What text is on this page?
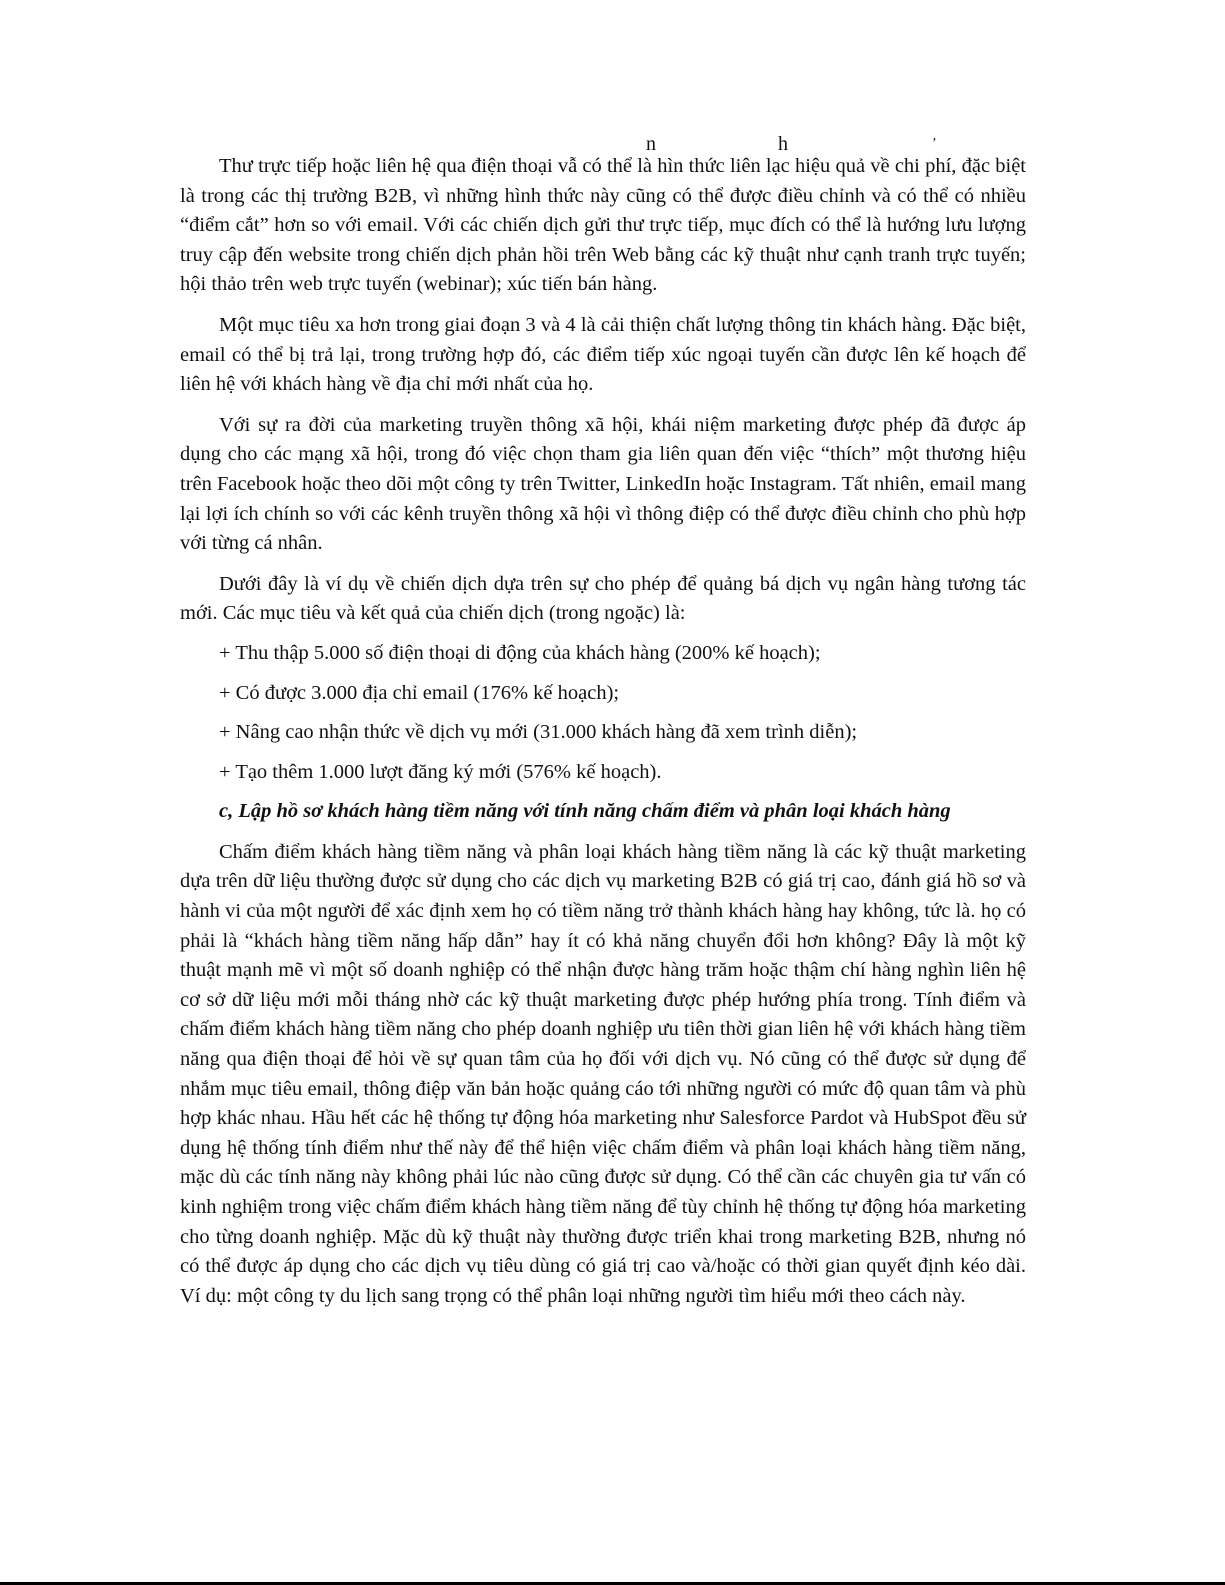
n	h	ʼ

Thư trực tiếp hoặc liên hệ qua điện thoại vẫ có thể là hìn thức liên lạc hiệu quả về chi phí, đặc biệt là trong các thị trường B2B, vì những hình thức này cũng có thể được điều chỉnh và có thể có nhiều “điểm cắt” hơn so với email. Với các chiến dịch gửi thư trực tiếp, mục đích có thể là hướng lưu lượng truy cập đến website trong chiến dịch phản hồi trên Web bằng các kỹ thuật như cạnh tranh trực tuyến; hội thảo trên web trực tuyến (webinar); xúc tiến bán hàng.

Một mục tiêu xa hơn trong giai đoạn 3 và 4 là cải thiện chất lượng thông tin khách hàng. Đặc biệt, email có thể bị trả lại, trong trường hợp đó, các điểm tiếp xúc ngoại tuyến cần được lên kế hoạch để liên hệ với khách hàng về địa chỉ mới nhất của họ.

Với sự ra đời của marketing truyền thông xã hội, khái niệm marketing được phép đã được áp dụng cho các mạng xã hội, trong đó việc chọn tham gia liên quan đến việc “thích” một thương hiệu trên Facebook hoặc theo dõi một công ty trên Twitter, LinkedIn hoặc Instagram. Tất nhiên, email mang lại lợi ích chính so với các kênh truyền thông xã hội vì thông điệp có thể được điều chỉnh cho phù hợp với từng cá nhân.

Dưới đây là ví dụ về chiến dịch dựa trên sự cho phép để quảng bá dịch vụ ngân hàng tương tác mới. Các mục tiêu và kết quả của chiến dịch (trong ngoặc) là:

+ Thu thập 5.000 số điện thoại di động của khách hàng (200% kế hoạch);
+ Có được 3.000 địa chỉ email (176% kế hoạch);
+ Nâng cao nhận thức về dịch vụ mới (31.000 khách hàng đã xem trình diễn);
+ Tạo thêm 1.000 lượt đăng ký mới (576% kế hoạch).
c, Lập hồ sơ khách hàng tiềm năng với tính năng chấm điểm và phân loại khách hàng

Chấm điểm khách hàng tiềm năng và phân loại khách hàng tiềm năng là các kỹ thuật marketing dựa trên dữ liệu thường được sử dụng cho các dịch vụ marketing B2B có giá trị cao, đánh giá hồ sơ và hành vi của một người để xác định xem họ có tiềm năng trở thành khách hàng hay không, tức là. họ có phải là “khách hàng tiềm năng hấp dẫn” hay ít có khả năng chuyển đổi hơn không? Đây là một kỹ thuật mạnh mẽ vì một số doanh nghiệp có thể nhận được hàng trăm hoặc thậm chí hàng nghìn liên hệ cơ sở dữ liệu mới mỗi tháng nhờ các kỹ thuật marketing được phép hướng phía trong. Tính điểm và chấm điểm khách hàng tiềm năng cho phép doanh nghiệp ưu tiên thời gian liên hệ với khách hàng tiềm năng qua điện thoại để hỏi về sự quan tâm của họ đối với dịch vụ. Nó cũng có thể được sử dụng để nhắm mục tiêu email, thông điệp văn bản hoặc quảng cáo tới những người có mức độ quan tâm và phù hợp khác nhau. Hầu hết các hệ thống tự động hóa marketing như Salesforce Pardot và HubSpot đều sử dụng hệ thống tính điểm như thế này để thể hiện việc chấm điểm và phân loại khách hàng tiềm năng, mặc dù các tính năng này không phải lúc nào cũng được sử dụng. Có thể cần các chuyên gia tư vấn có kinh nghiệm trong việc chấm điểm khách hàng tiềm năng để tùy chỉnh hệ thống tự động hóa marketing cho từng doanh nghiệp. Mặc dù kỹ thuật này thường được triển khai trong marketing B2B, nhưng nó có thể được áp dụng cho các dịch vụ tiêu dùng có giá trị cao và/hoặc có thời gian quyết định kéo dài. Ví dụ: một công ty du lịch sang trọng có thể phân loại những người tìm hiểu mới theo cách này.
